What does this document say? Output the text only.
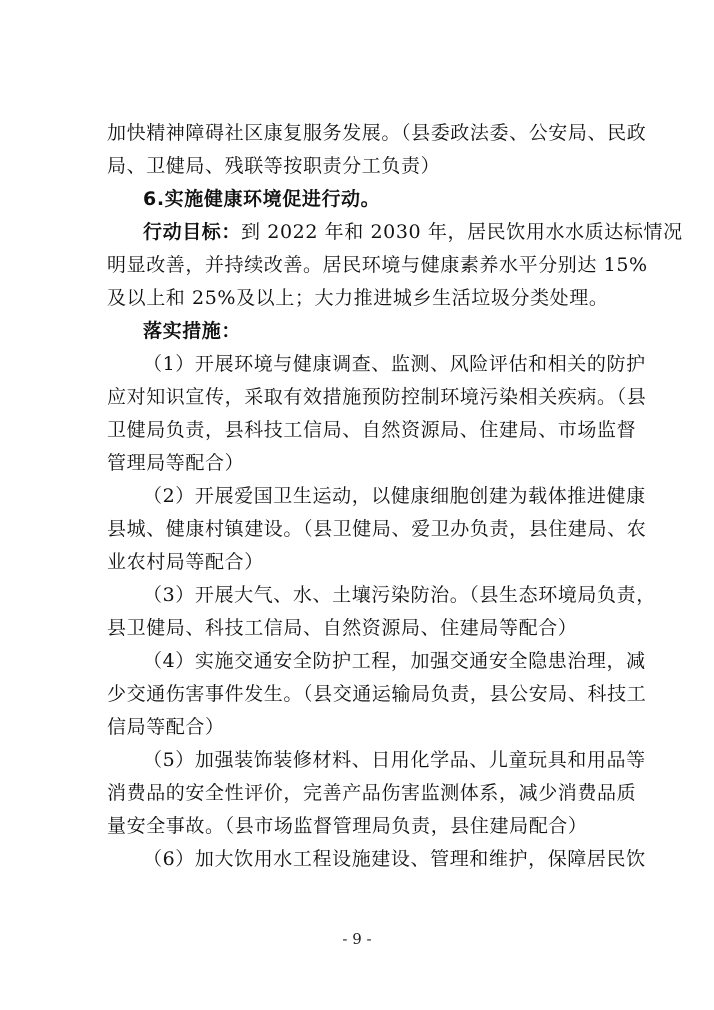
加快精神障碍社区康复服务发展。（县委政法委、公安局、民政
局、卫健局、残联等按职责分工负责）
6.实施健康环境促进行动。
行动目标：到 2022 年和 2030 年，居民饮用水水质达标情况
明显改善，并持续改善。居民环境与健康素养水平分别达 15%
及以上和 25%及以上；大力推进城乡生活垃圾分类处理。
落实措施：
（1）开展环境与健康调查、监测、风险评估和相关的防护
应对知识宣传，采取有效措施预防控制环境污染相关疾病。（县
卫健局负责，县科技工信局、自然资源局、住建局、市场监督
管理局等配合）
（2）开展爱国卫生运动，以健康细胞创建为载体推进健康
县城、健康村镇建设。（县卫健局、爱卫办负责，县住建局、农
业农村局等配合）
（3）开展大气、水、土壤污染防治。（县生态环境局负责，
县卫健局、科技工信局、自然资源局、住建局等配合）
（4）实施交通安全防护工程，加强交通安全隐患治理，减
少交通伤害事件发生。（县交通运输局负责，县公安局、科技工
信局等配合）
（5）加强装饰装修材料、日用化学品、儿童玩具和用品等
消费品的安全性评价，完善产品伤害监测体系，减少消费品质
量安全事故。（县市场监督管理局负责，县住建局配合）
（6）加大饮用水工程设施建设、管理和维护，保障居民饮
- 9 -
